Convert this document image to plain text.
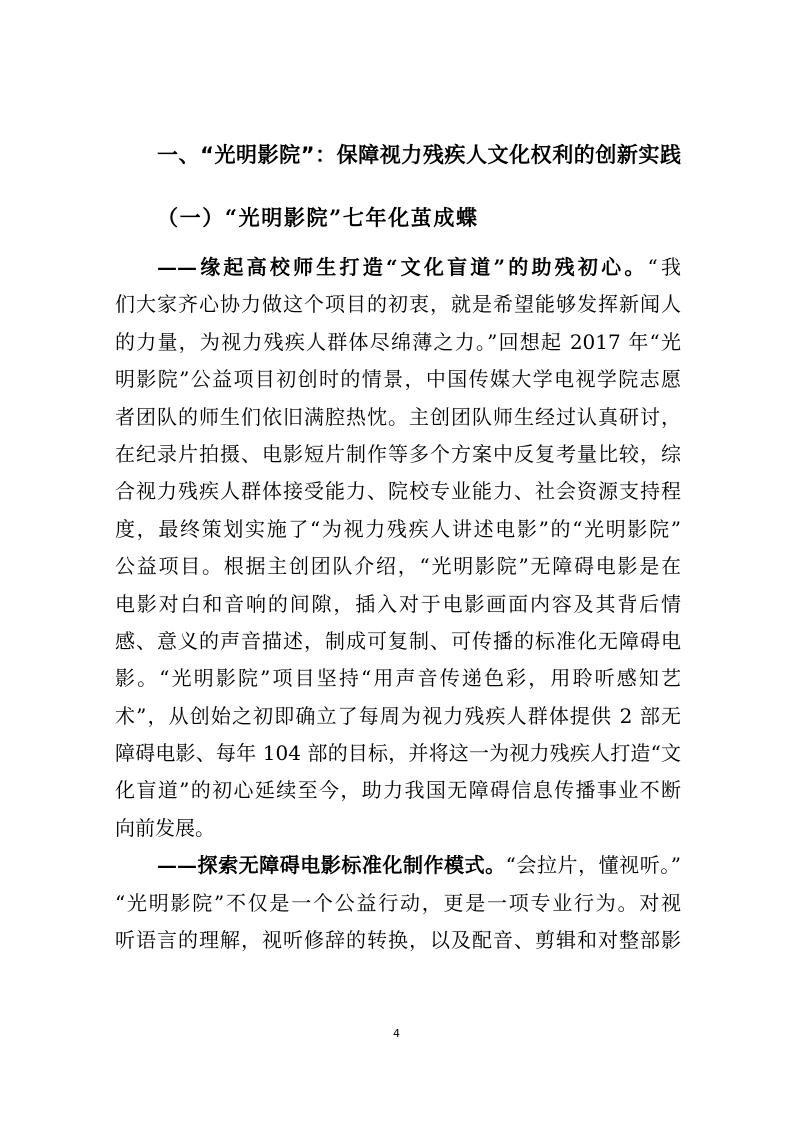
一、“光明影院”：保障视力残疾人文化权利的创新实践
（一）“光明影院”七年化茧成蝶
——缘起高校师生打造“文化盲道”的助残初心。“我
们大家齐心协力做这个项目的初衷，就是希望能够发挥新闻人
的力量，为视力残疾人群体尽绵薄之力。”回想起 2017 年“光
明影院”公益项目初创时的情景，中国传媒大学电视学院志愿
者团队的师生们依旧满腔热忱。主创团队师生经过认真研讨，
在纪录片拍摄、电影短片制作等多个方案中反复考量比较，综
合视力残疾人群体接受能力、院校专业能力、社会资源支持程
度，最终策划实施了“为视力残疾人讲述电影”的“光明影院”
公益项目。根据主创团队介绍，“光明影院”无障碍电影是在
电影对白和音响的间隙，插入对于电影画面内容及其背后情
感、意义的声音描述，制成可复制、可传播的标准化无障碍电
影。“光明影院”项目坚持“用声音传递色彩，用聆听感知艺
术”，从创始之初即确立了每周为视力残疾人群体提供 2 部无
障碍电影、每年 104 部的目标，并将这一为视力残疾人打造“文
化盲道”的初心延续至今，助力我国无障碍信息传播事业不断
向前发展。
——探索无障碍电影标准化制作模式。“会拉片，懂视听。”
“光明影院”不仅是一个公益行动，更是一项专业行为。对视
听语言的理解，视听修辞的转换，以及配音、剪辑和对整部影
4
